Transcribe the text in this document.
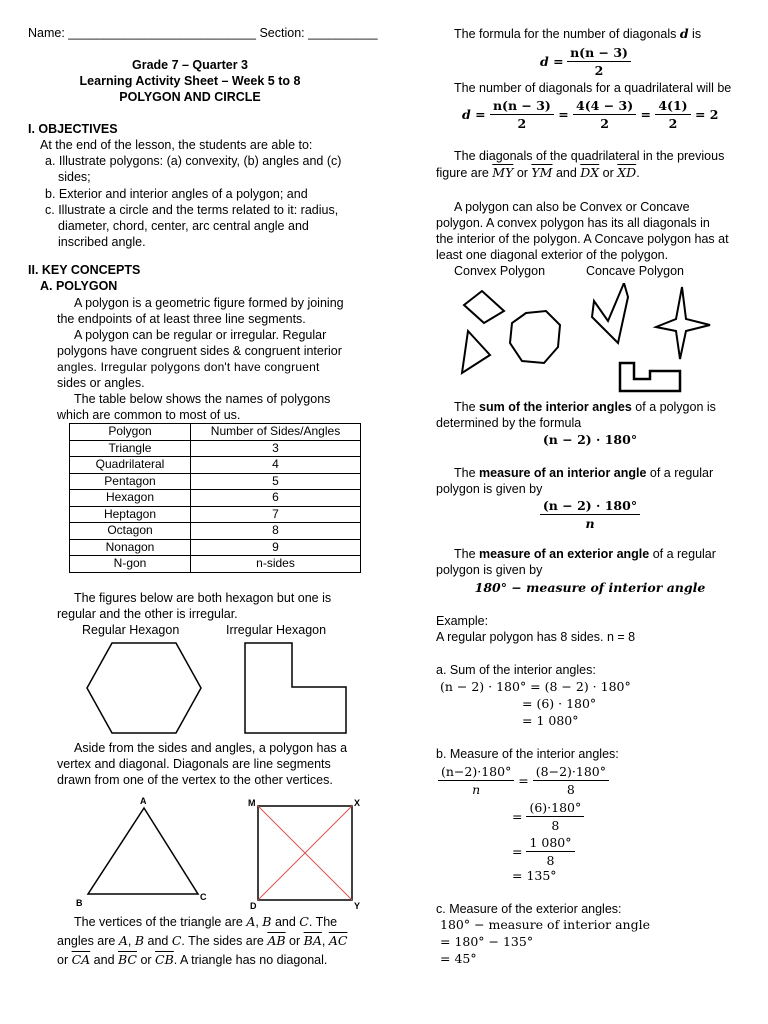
Name: ___________________________ Section: __________
Grade 7 – Quarter 3
Learning Activity Sheet – Week 5 to 8
POLYGON AND CIRCLE
I. OBJECTIVES
At the end of the lesson, the students are able to:
a. Illustrate polygons: (a) convexity, (b) angles and (c)
sides;
b. Exterior and interior angles of a polygon; and
c. Illustrate a circle and the terms related to it: radius,
diameter, chord, center, arc central angle and
inscribed angle.
II. KEY CONCEPTS
A. POLYGON
A polygon is a geometric figure formed by joining
the endpoints of at least three line segments.
A polygon can be regular or irregular. Regular
polygons have congruent sides & congruent interior
angles. Irregular polygons don't have congruent
sides or angles.
The table below shows the names of polygons
which are common to most of us.
Polygon	Number of Sides/Angles
Triangle	3
Quadrilateral	4
Pentagon	5
Hexagon	6
Heptagon	7
Octagon	8
Nonagon	9
N-gon	n-sides
The figures below are both hexagon but one is
regular and the other is irregular.
Regular Hexagon	Irregular Hexagon
Aside from the sides and angles, a polygon has a
vertex and diagonal. Diagonals are line segments
drawn from one of the vertex to the other vertices.
A
B
C
M	X
D	Y
The vertices of the triangle are A, B and C. The
angles are A, B and C. The sides are $\overline{AB}$ or $\overline{BA}$, $\overline{AC}$
or $\overline{CA}$ and $\overline{BC}$ or $\overline{CB}$. A triangle has no diagonal.
The formula for the number of diagonals d is
$d = \frac{n(n - 3)}{2}$
The number of diagonals for a quadrilateral will be
$d = \frac{n(n - 3)}{2} = \frac{4(4 - 3)}{2} = \frac{4(1)}{2} = 2$
The diagonals of the quadrilateral in the previous
figure are $\overline{MY}$ or $\overline{YM}$ and $\overline{DX}$ or $\overline{XD}$.
A polygon can also be Convex or Concave
polygon. A convex polygon has its all diagonals in
the interior of the polygon. A Concave polygon has at
least one diagonal exterior of the polygon.
Convex Polygon	Concave Polygon
The sum of the interior angles of a polygon is
determined by the formula
(n − 2) · 180°
The measure of an interior angle of a regular
polygon is given by
$\frac{(n - 2) \cdot 180^\circ}{n}$
The measure of an exterior angle of a regular
polygon is given by
180° − measure of interior angle
Example:
A regular polygon has 8 sides. n = 8
a. Sum of the interior angles:
(n − 2) · 180° = (8 − 2) · 180°
= (6) · 180°
= 1 080°
b. Measure of the interior angles:
$\frac{(n-2)\cdot 180^\circ}{n} = \frac{(8-2)\cdot 180^\circ}{8}$
= $\frac{(6)\cdot 180^\circ}{8}$
= $\frac{1 080^\circ}{8}$
= 135°
c. Measure of the exterior angles:
180° − measure of interior angle
= 180° − 135°
= 45°
